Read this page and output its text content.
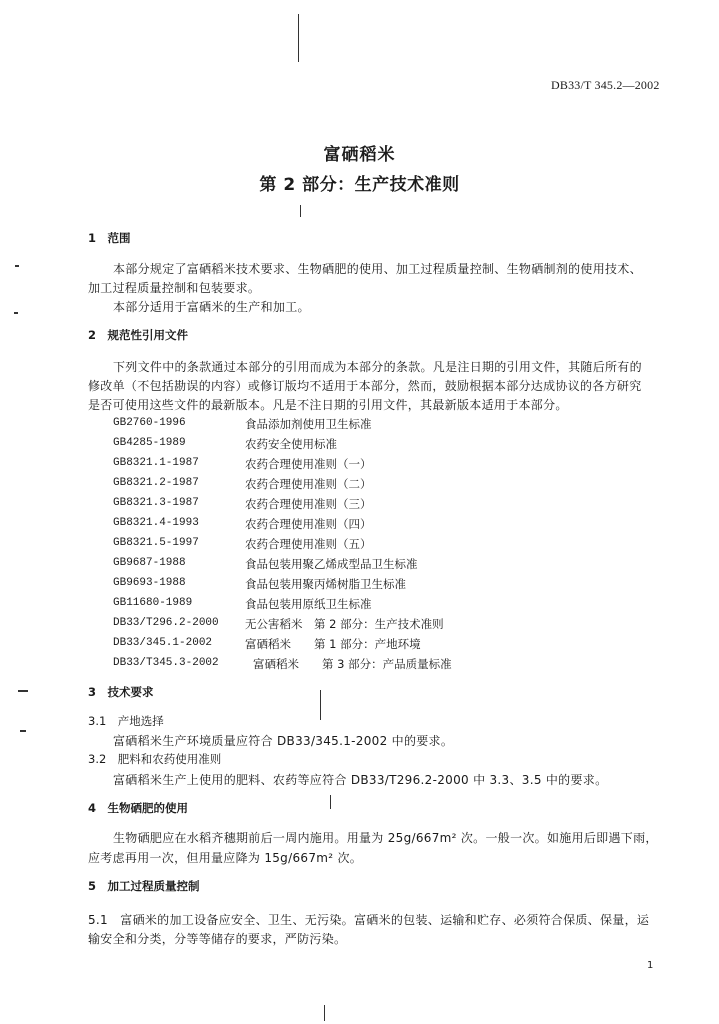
DB33/T 345.2—2002
富硒稻米
第 2 部分：生产技术准则
1　范围
本部分规定了富硒稻米技术要求、生物硒肥的使用、加工过程质量控制、生物硒制剂的使用技术、
加工过程质量控制和包装要求。
本部分适用于富硒米的生产和加工。
2　规范性引用文件
下列文件中的条款通过本部分的引用而成为本部分的条款。凡是注日期的引用文件，其随后所有的
修改单（不包括勘误的内容）或修订版均不适用于本部分，然而，鼓励根据本部分达成协议的各方研究
是否可使用这些文件的最新版本。凡是不注日期的引用文件，其最新版本适用于本部分。
GB2760-1996	食品添加剂使用卫生标准
GB4285-1989	农药安全使用标准
GB8321.1-1987	农药合理使用准则（一）
GB8321.2-1987	农药合理使用准则（二）
GB8321.3-1987	农药合理使用准则（三）
GB8321.4-1993	农药合理使用准则（四）
GB8321.5-1997	农药合理使用准则（五）
GB9687-1988	食品包装用聚乙烯成型品卫生标准
GB9693-1988	食品包装用聚丙烯树脂卫生标准
GB11680-1989	食品包装用原纸卫生标准
DB33/T296.2-2000 无公害稻米　第 2 部分：生产技术准则
DB33/345.1-2002	富硒稻米　　第 1 部分：产地环境
DB33/T345.3-2002	富硒稻米　　第 3 部分：产品质量标准
3　技术要求
3.1　产地选择
富硒稻米生产环境质量应符合 DB33/345.1-2002 中的要求。
3.2　肥料和农药使用准则
富硒稻米生产上使用的肥料、农药等应符合 DB33/T296.2-2000 中 3.3、3.5 中的要求。
4　生物硒肥的使用
生物硒肥应在水稻齐穗期前后一周内施用。用量为 25g/667m² 次。一般一次。如施用后即遇下雨，
应考虑再用一次，但用量应降为 15g/667m² 次。
5　加工过程质量控制
5.1　富硒米的加工设备应安全、卫生、无污染。富硒米的包装、运输和贮存、必须符合保质、保量，运
输安全和分类，分等等储存的要求，严防污染。
1
